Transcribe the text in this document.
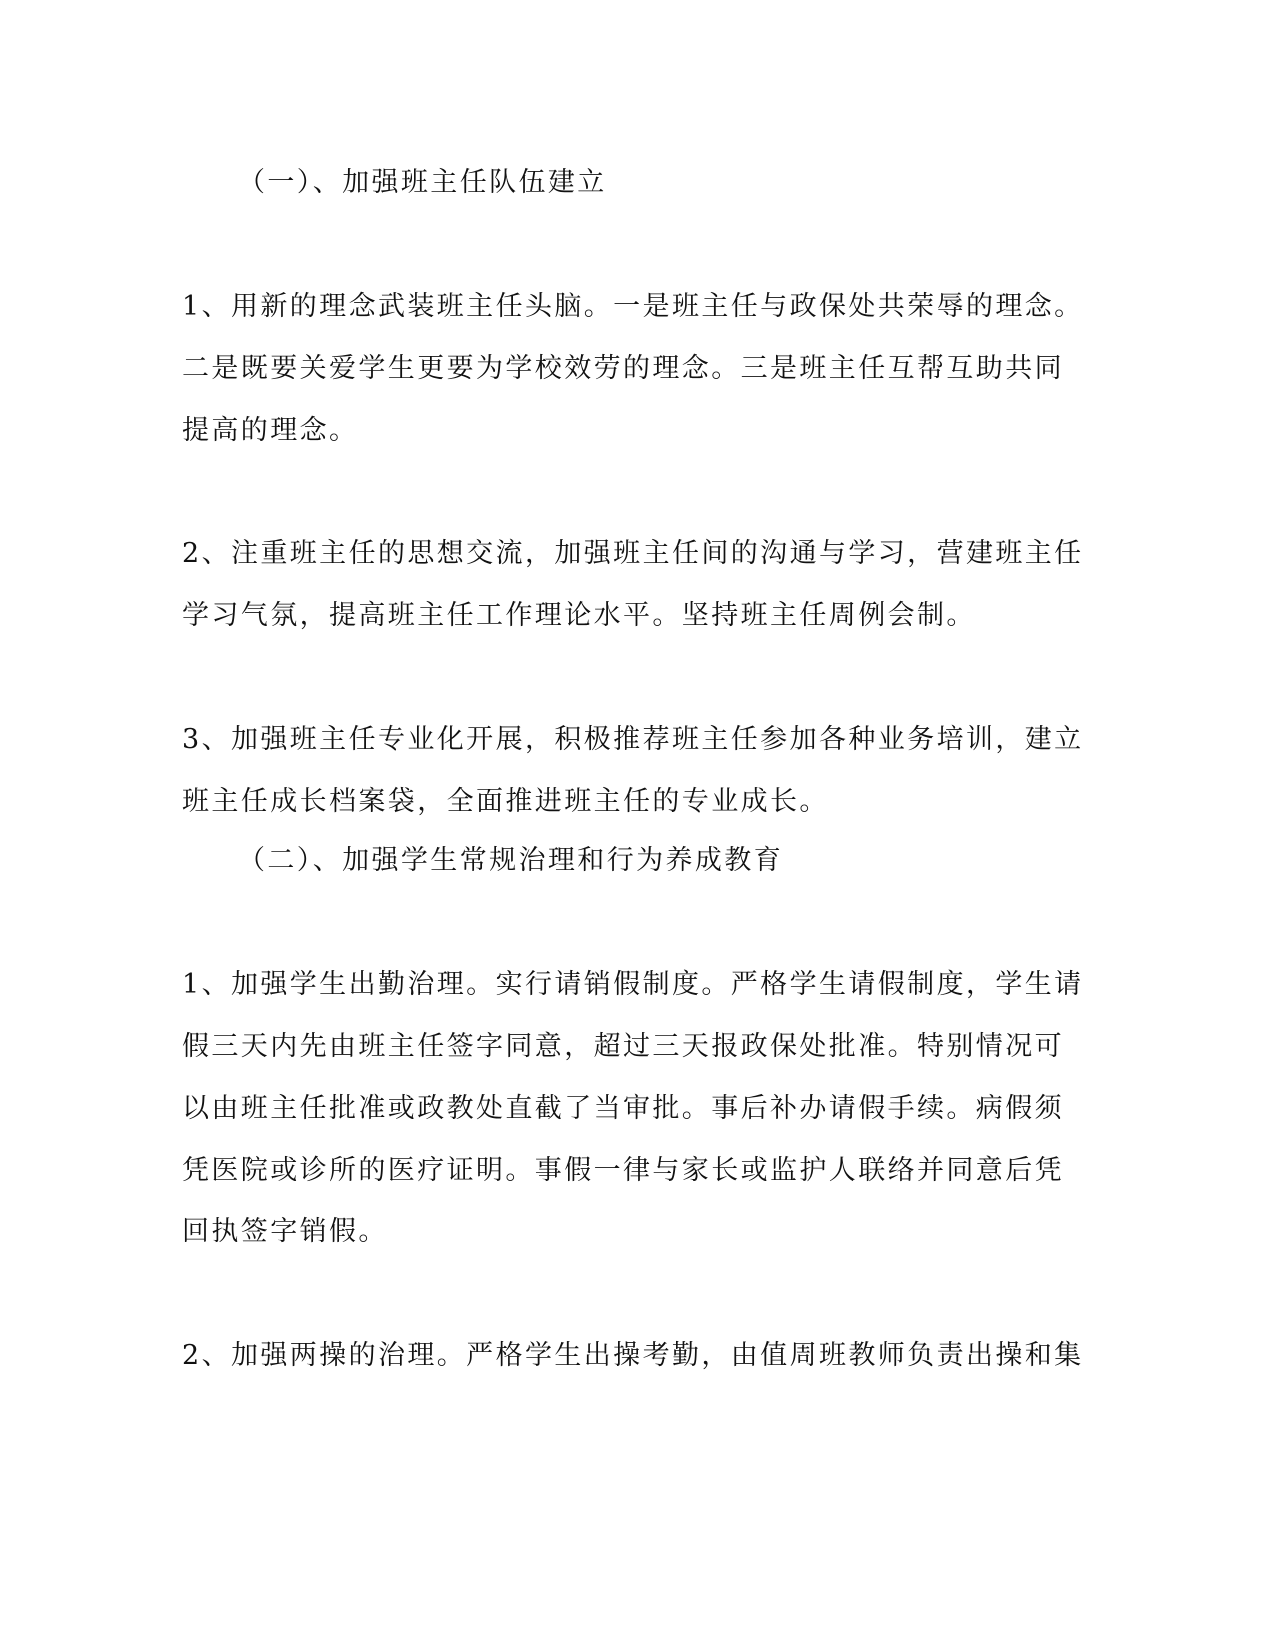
（一）、加强班主任队伍建立
1、用新的理念武装班主任头脑。一是班主任与政保处共荣辱的理念。
二是既要关爱学生更要为学校效劳的理念。三是班主任互帮互助共同
提高的理念。
2、注重班主任的思想交流，加强班主任间的沟通与学习，营建班主任
学习气氛，提高班主任工作理论水平。坚持班主任周例会制。
3、加强班主任专业化开展，积极推荐班主任参加各种业务培训，建立
班主任成长档案袋，全面推进班主任的专业成长。
（二）、加强学生常规治理和行为养成教育
1、加强学生出勤治理。实行请销假制度。严格学生请假制度，学生请
假三天内先由班主任签字同意，超过三天报政保处批准。特别情况可
以由班主任批准或政教处直截了当审批。事后补办请假手续。病假须
凭医院或诊所的医疗证明。事假一律与家长或监护人联络并同意后凭
回执签字销假。
2、加强两操的治理。严格学生出操考勤，由值周班教师负责出操和集
